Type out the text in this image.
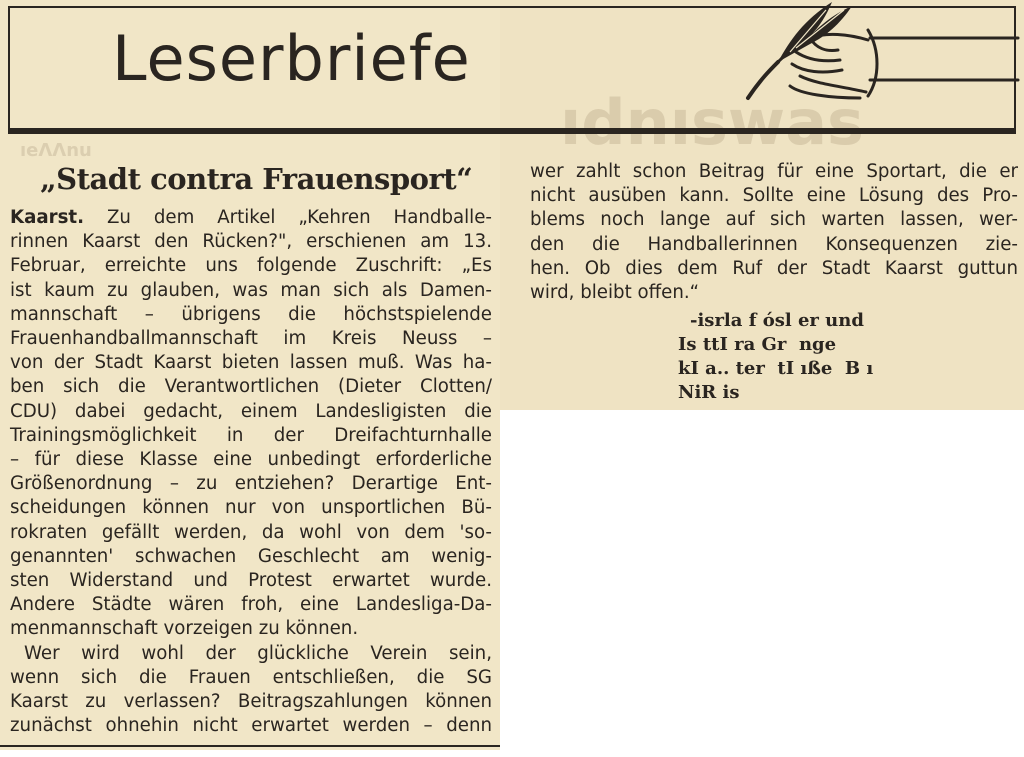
Leserbriefe
„Stadt contra Frauensport“
Kaarst. Zu dem Artikel „Kehren Handballe-
rinnen Kaarst den Rücken?", erschienen am 13.
Februar, erreichte uns folgende Zuschrift: „Es
ist kaum zu glauben, was man sich als Damen-
mannschaft – übrigens die höchstspielende
Frauenhandballmannschaft im Kreis Neuss –
von der Stadt Kaarst bieten lassen muß. Was ha-
ben sich die Verantwortlichen (Dieter Clotten/
CDU) dabei gedacht, einem Landesligisten die
Trainingsmöglichkeit in der Dreifachturnhalle
– für diese Klasse eine unbedingt erforderliche
Größenordnung – zu entziehen? Derartige Ent-
scheidungen können nur von unsportlichen Bü-
rokraten gefällt werden, da wohl von dem 'so-
genannten' schwachen Geschlecht am wenig-
sten Widerstand und Protest erwartet wurde.
Andere Städte wären froh, eine Landesliga-Da-
menmannschaft vorzeigen zu können.
Wer wird wohl der glückliche Verein sein,
wenn sich die Frauen entschließen, die SG
Kaarst zu verlassen? Beitragszahlungen können
zunächst ohnehin nicht erwartet werden – denn
wer zahlt schon Beitrag für eine Sportart, die er
nicht ausüben kann. Sollte eine Lösung des Pro-
blems noch lange auf sich warten lassen, wer-
den die Handballerinnen Konsequenzen zie-
hen. Ob dies dem Ruf der Stadt Kaarst guttun
wird, bleibt offen.“
-isrla f ósl er und
Is ttI ra Gr  nge
kI a.. ter  tI ıße  B ı
NiR is
